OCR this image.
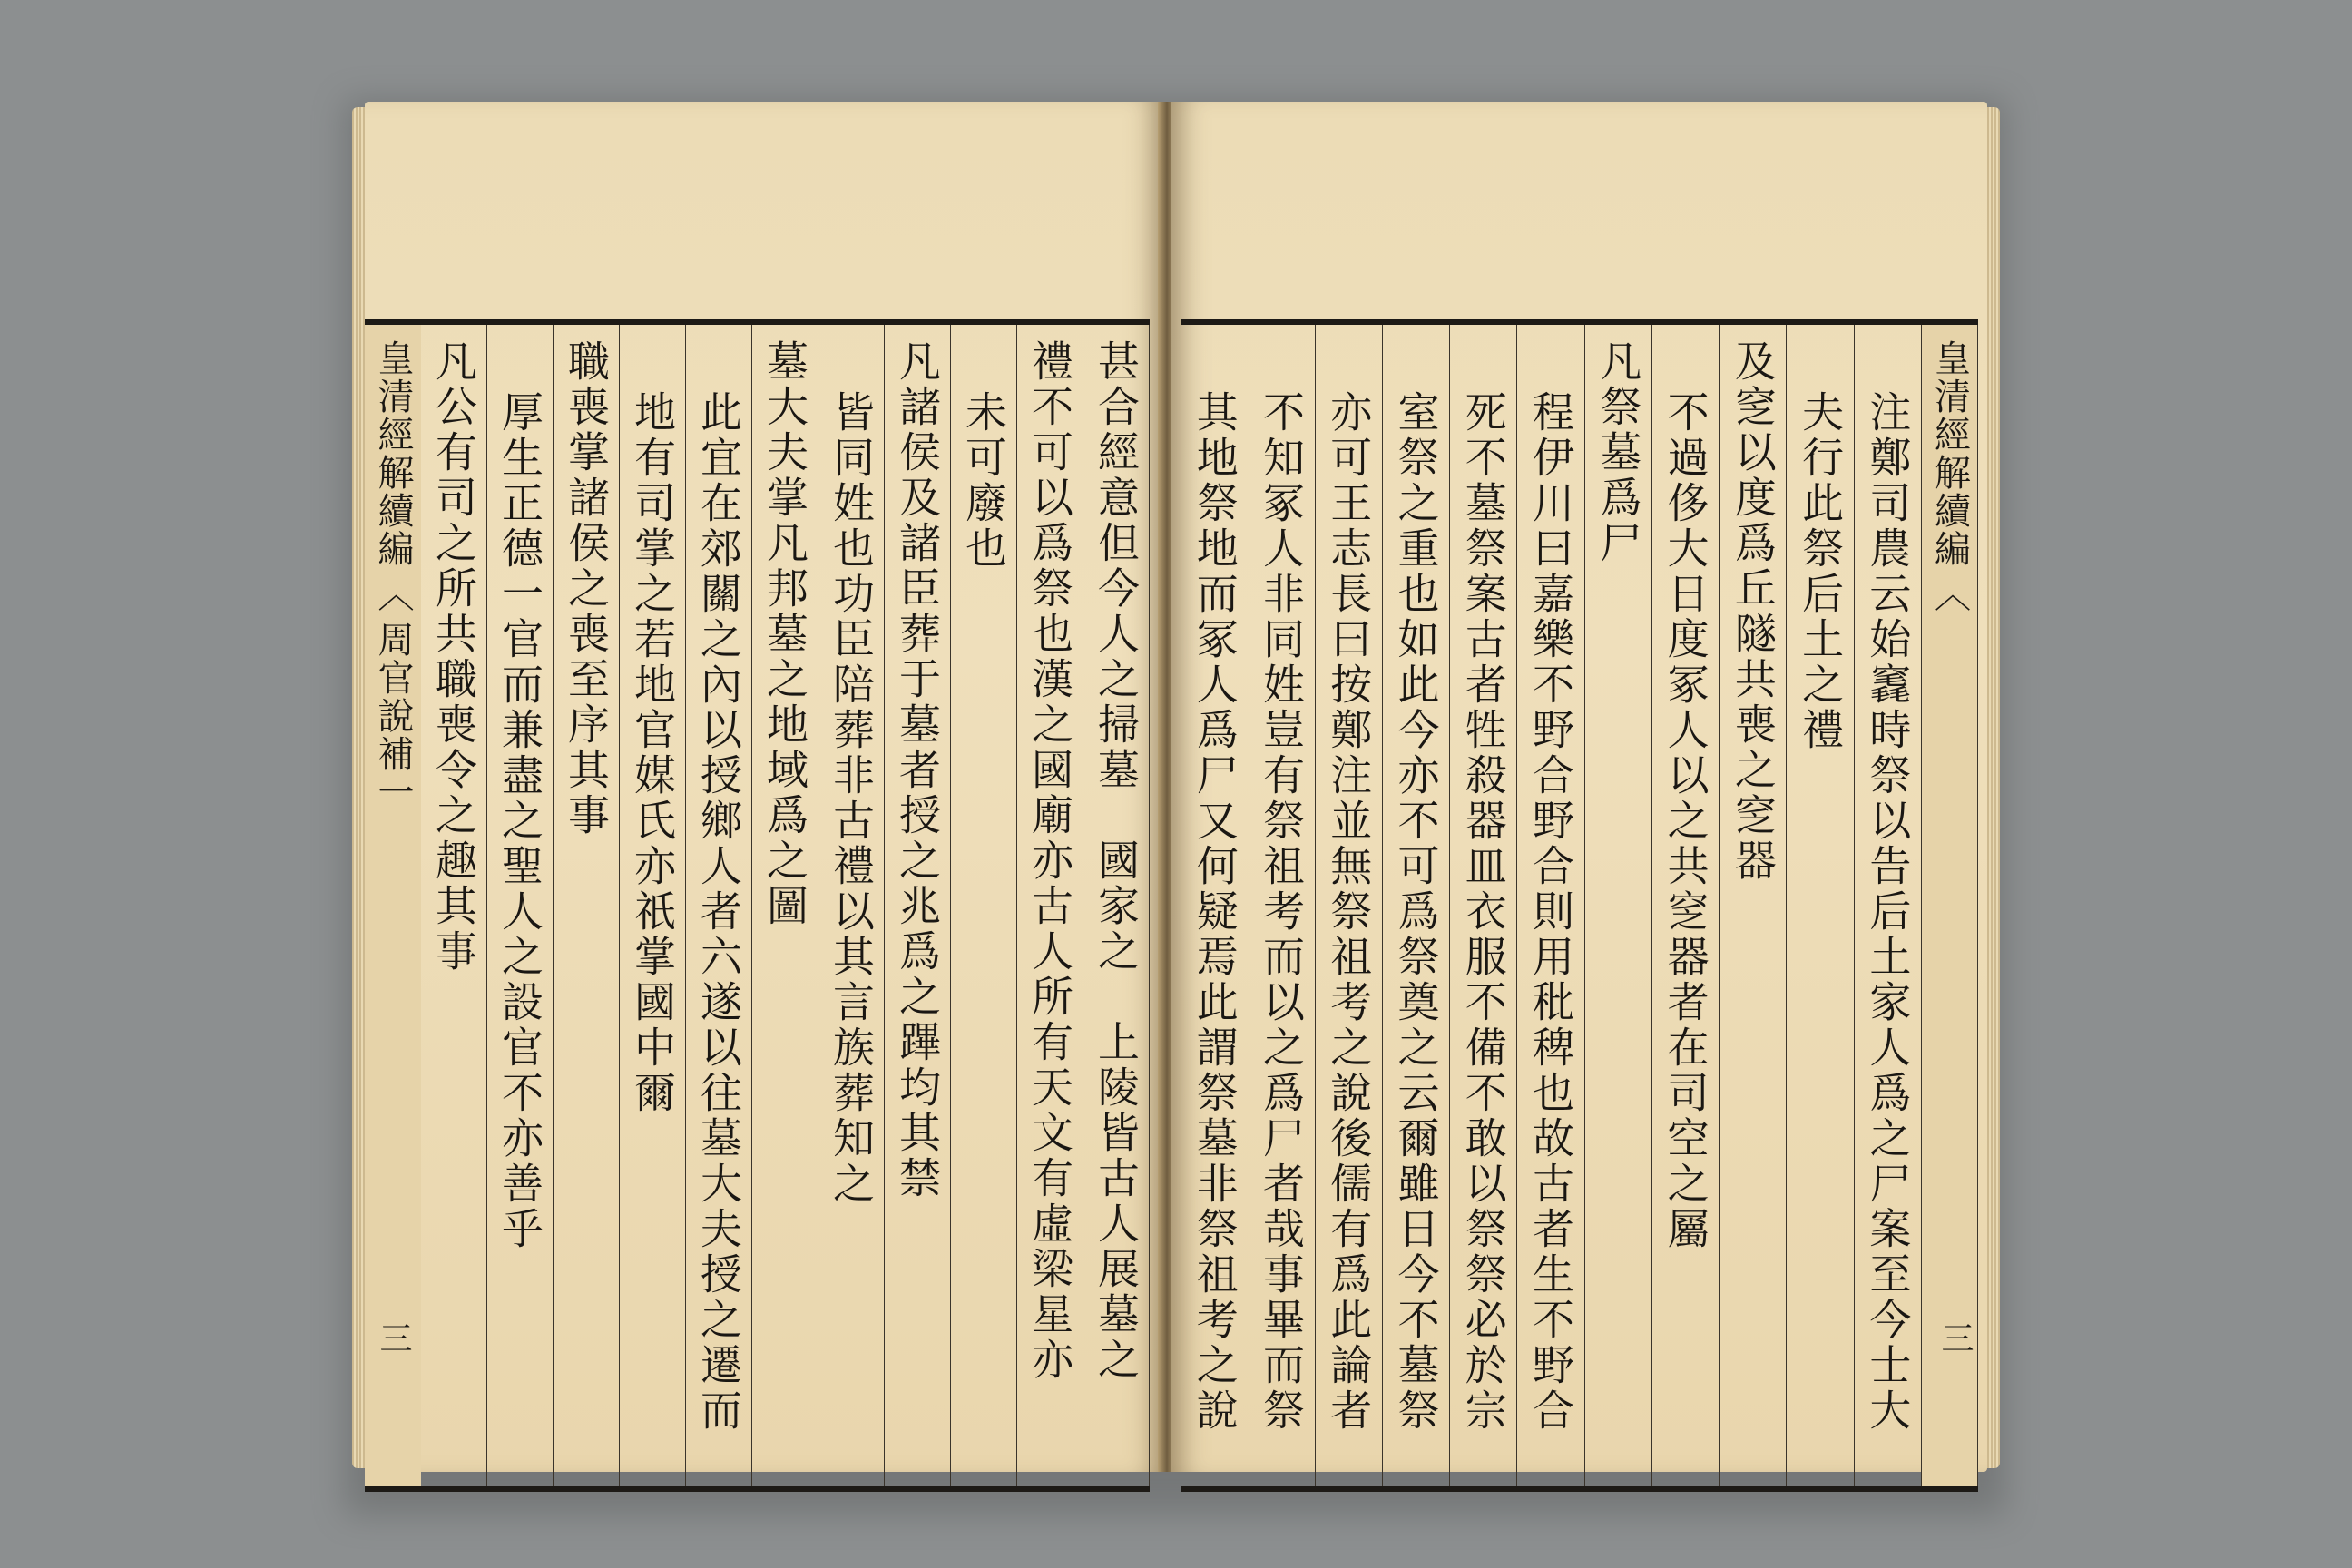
甚合經意但今人之掃墓　國家之　上陵皆古人展墓之
禮不可以爲祭也漢之國廟亦古人所有天文有虛梁星亦
未可廢也
凡諸侯及諸臣葬于墓者授之兆爲之蹕均其禁
皆同姓也功臣陪葬非古禮以其言族葬知之
墓大夫掌凡邦墓之地域爲之圖
此宜在郊關之內以授鄉人者六遂以往墓大夫授之遷而
地有司掌之若地官媒氏亦祇掌國中爾
職喪掌諸侯之喪至序其事
厚生正德一官而兼盡之聖人之設官不亦善乎
凡公有司之所共職喪令之趣其事
皇清經解續編
〈
周官說補一
三
皇清經解續編
〈
注鄭司農云始竁時祭以告后土家人爲之尸案至今士大
夫行此祭后土之禮
及窆以度爲丘隧共喪之窆器
不過侈大日度冢人以之共窆器者在司空之屬
凡祭墓爲尸
程伊川曰嘉樂不野合野合則用秕稗也故古者生不野合
死不墓祭案古者牲殺器皿衣服不備不敢以祭祭必於宗
室祭之重也如此今亦不可爲祭奠之云爾雖日今不墓祭
亦可王志長曰按鄭注並無祭祖考之說後儒有爲此論者
不知冢人非同姓豈有祭祖考而以之爲尸者哉事畢而祭
其地祭地而冢人爲尸又何疑焉此謂祭墓非祭祖考之說	三
